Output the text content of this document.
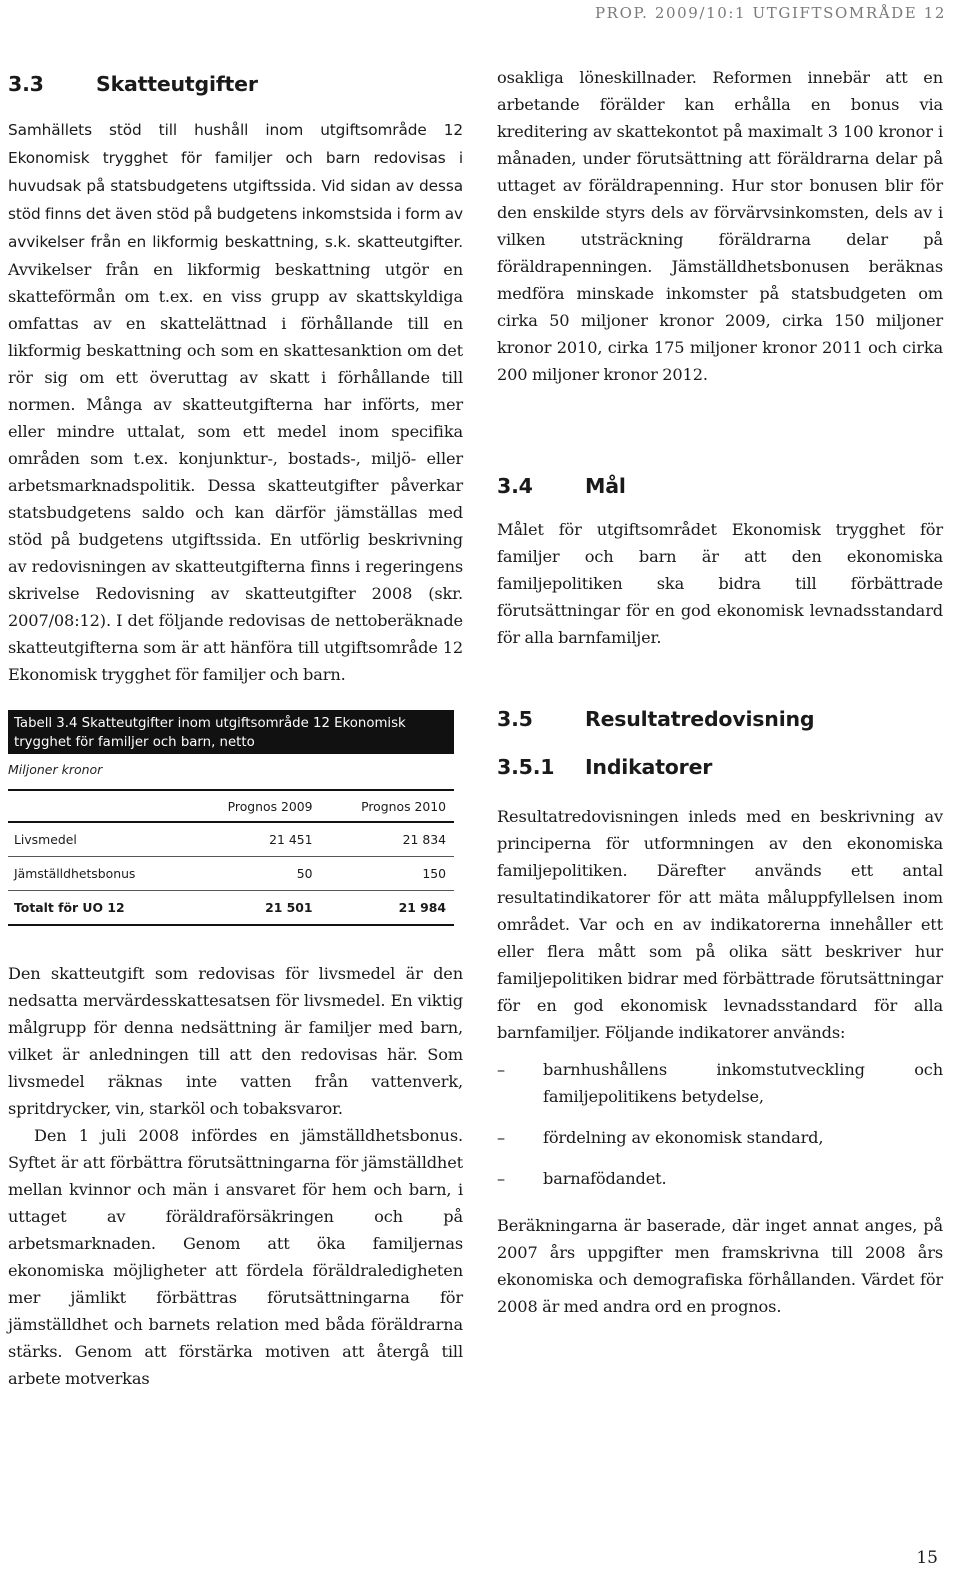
PROP. 2009/10:1 UTGIFTSOMRÅDE 12
3.3	Skatteutgifter

Samhällets stöd till hushåll inom utgiftsområde 12 Ekonomisk trygghet för familjer och barn redovisas i huvudsak på statsbudgetens utgiftssida. Vid sidan av dessa stöd finns det även stöd på budgetens inkomstsida i form av avvikelser från en likformig beskattning, s.k. skatteutgifter. Avvikelser från en likformig beskattning utgör en skatteförmån om t.ex. en viss grupp av skattskyldiga omfattas av en skattelättnad i förhållande till en likformig beskattning och som en skattesanktion om det rör sig om ett överuttag av skatt i förhållande till normen. Många av skatteutgifterna har införts, mer eller mindre uttalat, som ett medel inom specifika områden som t.ex. konjunktur-, bostads-, miljö- eller arbetsmarknadspolitik. Dessa skatteutgifter påverkar statsbudgetens saldo och kan därför jämställas med stöd på budgetens utgiftssida. En utförlig beskrivning av redovisningen av skatteutgifterna finns i regeringens skrivelse Redovisning av skatteutgifter 2008 (skr. 2007/08:12). I det följande redovisas de nettoberäknade skatteutgifterna som är att hänföra till utgiftsområde 12 Ekonomisk trygghet för familjer och barn.

Tabell 3.4 Skatteutgifter inom utgiftsområde 12 Ekonomisk trygghet för familjer och barn, netto
Miljoner kronor
	Prognos 2009	Prognos 2010
Livsmedel	21 451	21 834
Jämställdhetsbonus	50	150
Totalt för UO 12	21 501	21 984

Den skatteutgift som redovisas för livsmedel är den nedsatta mervärdesskattesatsen för livsmedel. En viktig målgrupp för denna nedsättning är familjer med barn, vilket är anledningen till att den redovisas här. Som livsmedel räknas inte vatten från vattenverk, spritdrycker, vin, starköl och tobaksvaror.

Den 1 juli 2008 infördes en jämställdhetsbonus. Syftet är att förbättra förutsättningarna för jämställdhet mellan kvinnor och män i ansvaret för hem och barn, i uttaget av föräldraförsäkringen och på arbetsmarknaden. Genom att öka familjernas ekonomiska möjligheter att fördela föräldraledigheten mer jämlikt förbättras förutsättningarna för jämställdhet och barnets relation med båda föräldrarna stärks. Genom att förstärka motiven att återgå till arbete motverkas

osakliga löneskillnader. Reformen innebär att en arbetande förälder kan erhålla en bonus via kreditering av skattekontot på maximalt 3 100 kronor i månaden, under förutsättning att föräldrarna delar på uttaget av föräldrapenning. Hur stor bonusen blir för den enskilde styrs dels av förvärvsinkomsten, dels av i vilken utsträckning föräldrarna delar på föräldrapenningen. Jämställdhetsbonusen beräknas medföra minskade inkomster på statsbudgeten om cirka 50 miljoner kronor 2009, cirka 150 miljoner kronor 2010, cirka 175 miljoner kronor 2011 och cirka 200 miljoner kronor 2012.

3.4	Mål

Målet för utgiftsområdet Ekonomisk trygghet för familjer och barn är att den ekonomiska familjepolitiken ska bidra till förbättrade förutsättningar för en god ekonomisk levnadsstandard för alla barnfamiljer.

3.5	Resultatredovisning
3.5.1	Indikatorer

Resultatredovisningen inleds med en beskrivning av principerna för utformningen av den ekonomiska familjepolitiken. Därefter används ett antal resultatindikatorer för att mäta måluppfyllelsen inom området. Var och en av indikatorerna innehåller ett eller flera mått som på olika sätt beskriver hur familjepolitiken bidrar med förbättrade förutsättningar för en god ekonomisk levnadsstandard för alla barnfamiljer. Följande indikatorer används:

–	barnhushållens inkomstutveckling och familjepolitikens betydelse,
–	fördelning av ekonomisk standard,
–	barnafödandet.

Beräkningarna är baserade, där inget annat anges, på 2007 års uppgifter men framskrivna till 2008 års ekonomiska och demografiska förhållanden. Värdet för 2008 är med andra ord en prognos.

15
